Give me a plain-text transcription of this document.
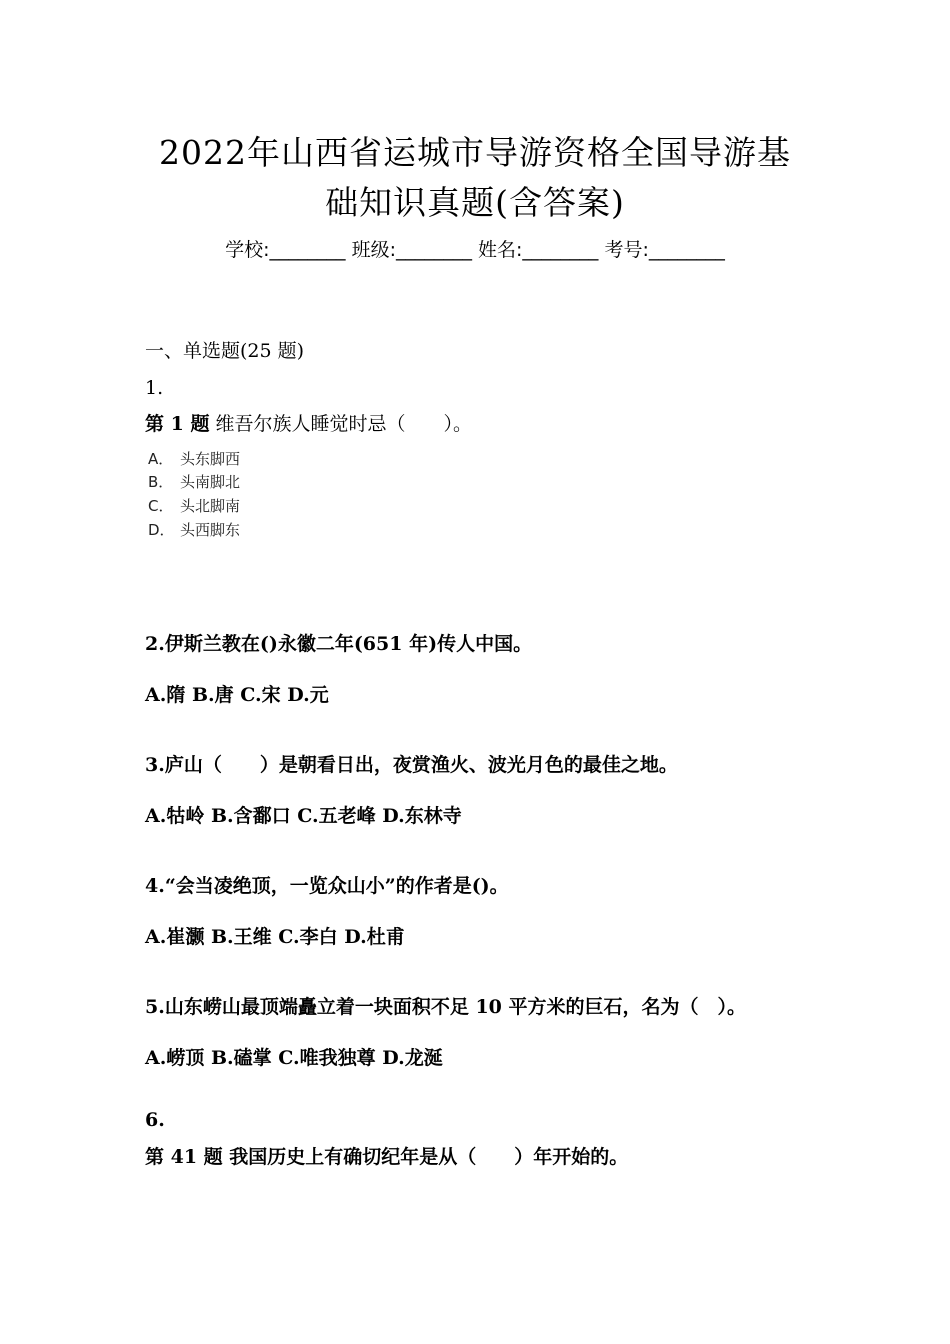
2022年山西省运城市导游资格全国导游基
础知识真题(含答案)
学校:________ 班级:________ 姓名:________ 考号:________
一、单选题(25 题)
1.
第 1 题 维吾尔族人睡觉时忌（　　）。
A． 头东脚西
B． 头南脚北
C． 头北脚南
D． 头西脚东
2.伊斯兰教在()永徽二年(651 年)传人中国。
A.隋 B.唐 C.宋 D.元
3.庐山（　　）是朝看日出，夜赏渔火、波光月色的最佳之地。
A.牯岭 B.含鄱口 C.五老峰 D.东林寺
4.“会当凌绝顶，一览众山小”的作者是()。
A.崔灏 B.王维 C.李白 D.杜甫
5.山东崂山最顶端矗立着一块面积不足 10 平方米的巨石，名为（　）。
A.崂顶 B.磕掌 C.唯我独尊 D.龙涎
6.
第 41 题 我国历史上有确切纪年是从（　　）年开始的。
